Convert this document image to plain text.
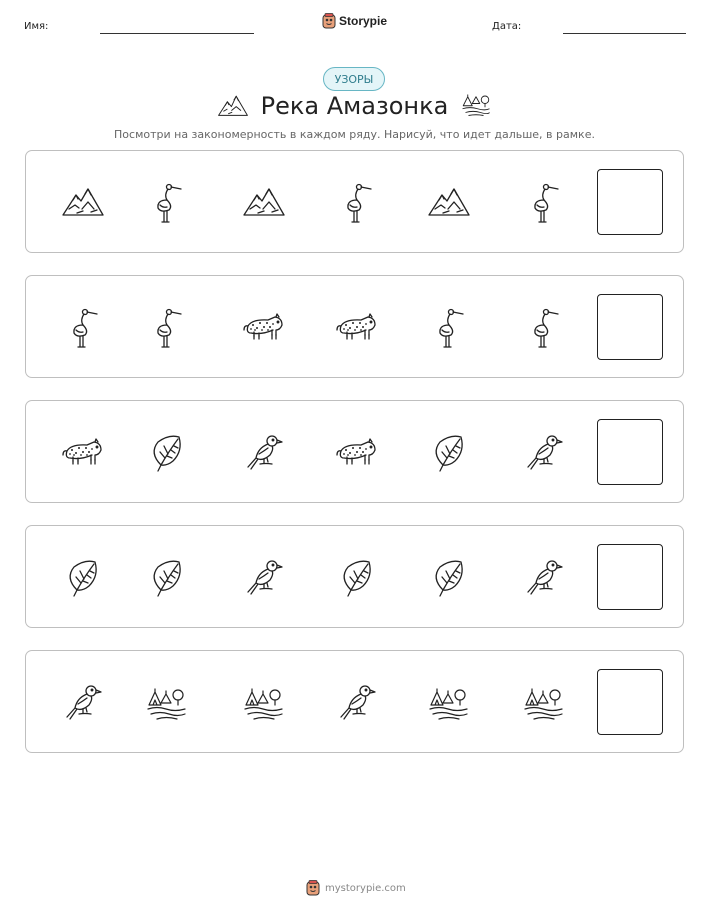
Имя:	Storypie	Дата:
УЗОРЫ
Река Амазонка
Посмотри на закономерность в каждом ряду. Нарисуй, что идет дальше, в рамке.
mystorypie.com
